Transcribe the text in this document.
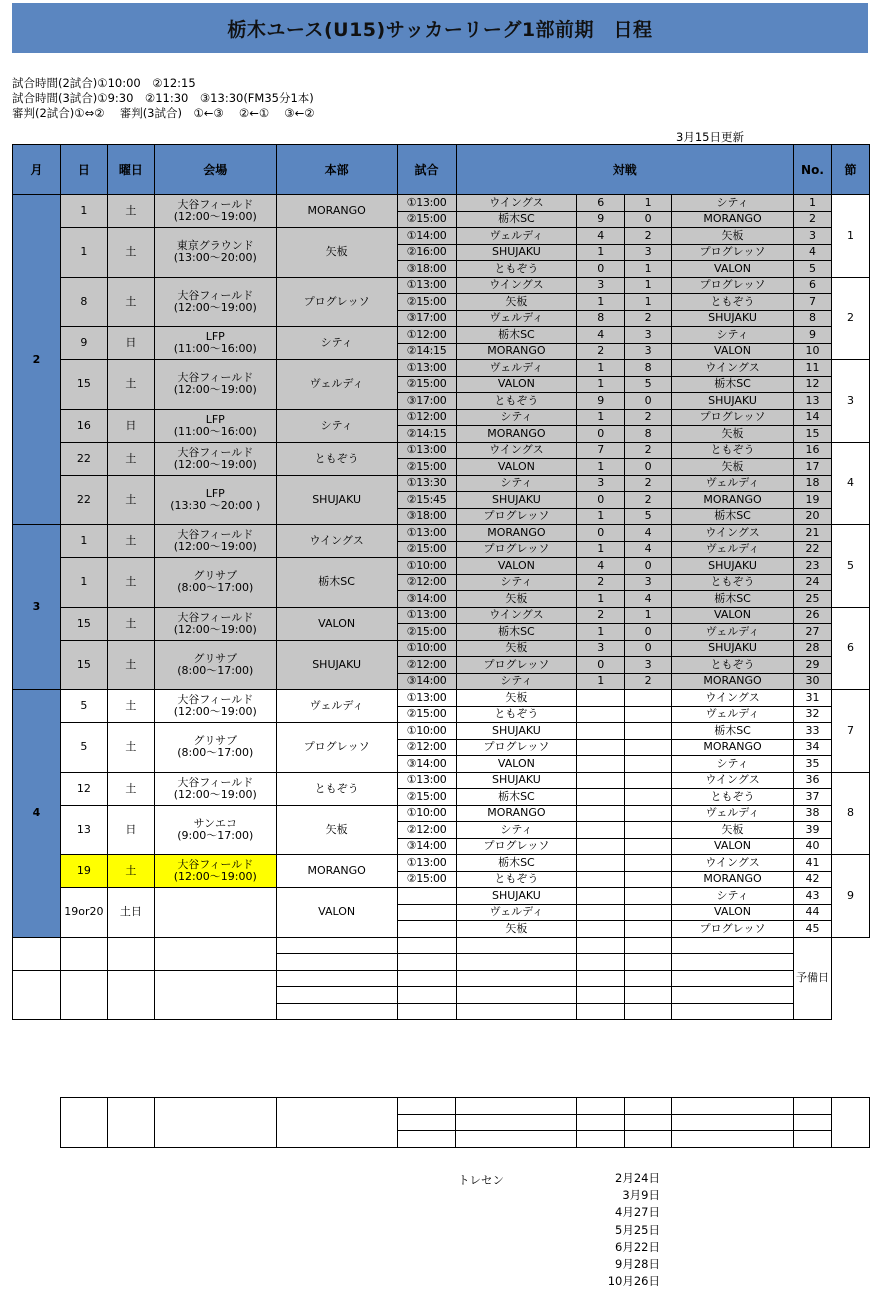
栃木ユース(U15)サッカーリーグ1部前期　日程
試合時間(2試合)①10:00　②12:15
試合時間(3試合)①9:30　②11:30　③13:30(FM35分1本)
審判(2試合)①⇔②　 審判(3試合)　①←③ 　②←① 　③←②
3月15日更新
月	日	曜日	会場	本部	試合	対戦				No.	節
2	1	土	大谷フィールド
(12:00～19:00)	MORANGO	①13:00	ウイングス	6	1	シティ	1	1
					②15:00	栃木SC	9	0	MORANGO	2	
	1	土	東京グラウンド
(13:00～20:00)	矢板	①14:00	ヴェルディ	4	2	矢板	3	
					②16:00	SHUJAKU	1	3	プログレッソ	4	
					③18:00	ともぞう	0	1	VALON	5	
	8	土	大谷フィールド
(12:00～19:00)	プログレッソ	①13:00	ウイングス	3	1	プログレッソ	6	2
					②15:00	矢板	1	1	ともぞう	7	
					③17:00	ヴェルディ	8	2	SHUJAKU	8	
	9	日	LFP
(11:00～16:00)	シティ	①12:00	栃木SC	4	3	シティ	9	
					②14:15	MORANGO	2	3	VALON	10	
	15	土	大谷フィールド
(12:00～19:00)	ヴェルディ	①13:00	ヴェルディ	1	8	ウイングス	11	3
					②15:00	VALON	1	5	栃木SC	12	
					③17:00	ともぞう	9	0	SHUJAKU	13	
	16	日	LFP
(11:00～16:00)	シティ	①12:00	シティ	1	2	プログレッソ	14	
					②14:15	MORANGO	0	8	矢板	15	
	22	土	大谷フィールド
(12:00～19:00)	ともぞう	①13:00	ウイングス	7	2	ともぞう	16	4
					②15:00	VALON	1	0	矢板	17	
	22	土	LFP
(13:30 ～20:00 )	SHUJAKU	①13:30	シティ	3	2	ヴェルディ	18	
					②15:45	SHUJAKU	0	2	MORANGO	19	
					③18:00	プログレッソ	1	5	栃木SC	20	
3	1	土	大谷フィールド
(12:00～19:00)	ウイングス	①13:00	MORANGO	0	4	ウイングス	21	5
					②15:00	プログレッソ	1	4	ヴェルディ	22	
	1	土	グリサブ
(8:00～17:00)	栃木SC	①10:00	VALON	4	0	SHUJAKU	23	
					②12:00	シティ	2	3	ともぞう	24	
					③14:00	矢板	1	4	栃木SC	25	
	15	土	大谷フィールド
(12:00～19:00)	VALON	①13:00	ウイングス	2	1	VALON	26	6
					②15:00	栃木SC	1	0	ヴェルディ	27	
	15	土	グリサブ
(8:00～17:00)	SHUJAKU	①10:00	矢板	3	0	SHUJAKU	28	
					②12:00	プログレッソ	0	3	ともぞう	29	
					③14:00	シティ	1	2	MORANGO	30	
4	5	土	大谷フィールド
(12:00～19:00)	ヴェルディ	①13:00	矢板			ウイングス	31	7
					②15:00	ともぞう			ヴェルディ	32	
	5	土	グリサブ
(8:00～17:00)	プログレッソ	①10:00	SHUJAKU			栃木SC	33	
					②12:00	プログレッソ			MORANGO	34	
					③14:00	VALON			シティ	35	
	12	土	大谷フィールド
(12:00～19:00)	ともぞう	①13:00	SHUJAKU			ウイングス	36	8
					②15:00	栃木SC			ともぞう	37	
	13	日	サンエコ
(9:00～17:00)	矢板	①10:00	MORANGO			ヴェルディ	38	
					②12:00	シティ			矢板	39	
					③14:00	プログレッソ			VALON	40	
	19	土	大谷フィールド
(12:00～19:00)	MORANGO	①13:00	栃木SC			ウイングス	41	9
					②15:00	ともぞう			MORANGO	42	
	19or20	土日		VALON		SHUJAKU			シティ	43	
						ヴェルディ			VALON	44	
						矢板			プログレッソ	45	
										予備日	

トレセン	2月24日
3月9日
4月27日
5月25日
6月22日
9月28日
10月26日
